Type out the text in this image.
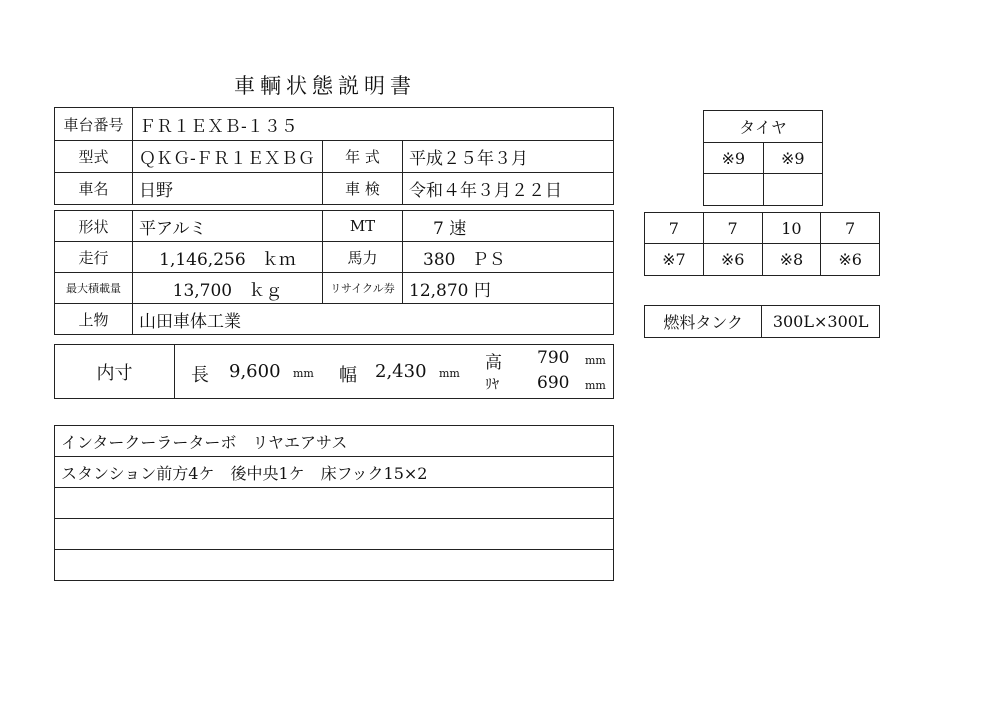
車輌状態説明書
車台番号	ＦＲ１ＥＸＢ-１３５		
型式	ＱＫＧ-ＦＲ１ＥＸＢＧ	年 式	平成２５年３月
車名	日野	車 検	令和４年３月２２日
形状	平アルミ	MT	7 速
走行	1,146,256 ｋｍ	馬力	380 ＰＳ
最大積載量	13,700 ｋｇ	リサイクル券	12,870 円
上物	山田車体工業		
内寸	長 9,600 mm 幅 2,430 mm
高 790 mm
ﾘﾔ 690 mm
インタークーラーターボ　リヤエアサス
スタンション前方4ケ　後中央1ケ　床フック15×2

タイヤ	
※9	※9

7	7	10	7
※7	※6	※8	※6
燃料タンク	300L×300L
